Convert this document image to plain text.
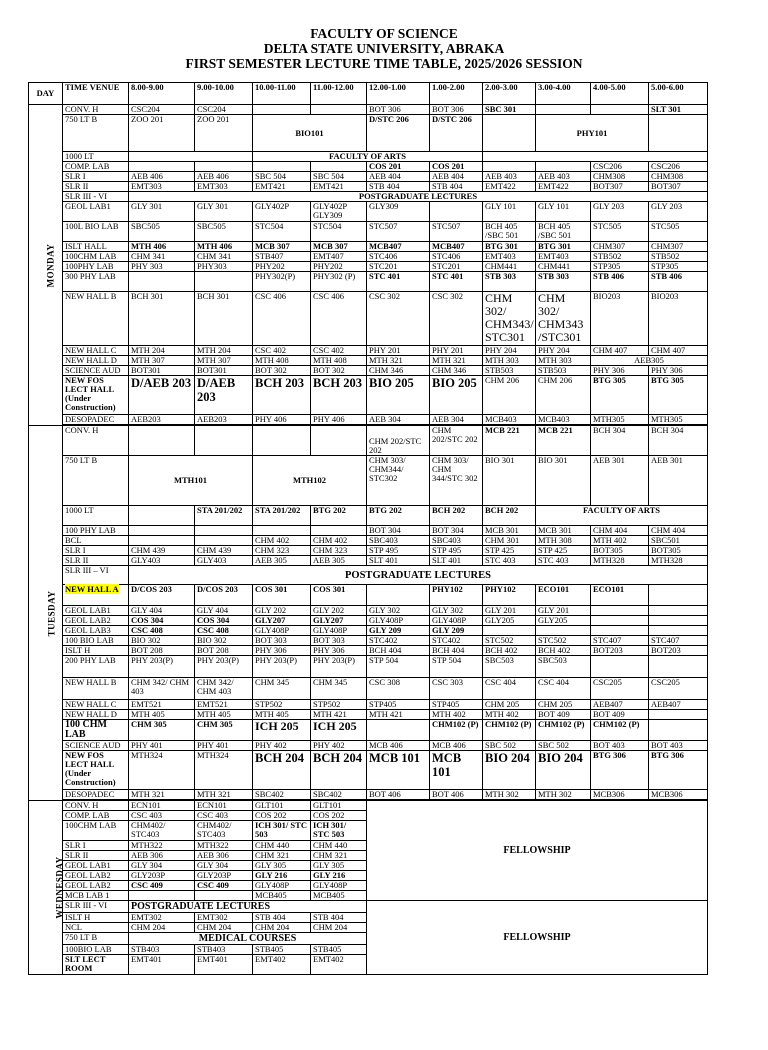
FACULTY OF SCIENCE
DELTA STATE UNIVERSITY, ABRAKA
FIRST SEMESTER LECTURE TIME TABLE, 2025/2026 SESSION
DAY	TIME VENUE	8.00-9.00	9.00-10.00	10.00-11.00	11.00-12.00	12.00-1.00	1.00-2.00	2.00-3.00	3.00-4.00	4.00-5.00	5.00-6.00
MONDAY	CONV. H	CSC204	CSC204			BOT 306	BOT 306	SBC 301			SLT 301
	750 LT B	ZOO 201	ZOO 201	BIO101		D/STC 206	D/STC 206		PHY101		
	1000 LT			FACULTY OF ARTS							
	COMP. LAB					COS 201	COS 201			CSC206	CSC206
	SLR I	AEB 406	AEB 406	SBC 504	SBC 504	AEB 404	AEB 404	AEB 403	AEB 403	CHM308	CHM308
	SLR II	EMT303	EMT303	EMT421	EMT421	STB 404	STB 404	EMT422	EMT422	BOT307	BOT307
	SLR III - VI	POSTGRADUATE LECTURES									
	GEOL LAB1	GLY 301	GLY 301	GLY402P	GLY402P GLY309	GLY309		GLY 101	GLY 101	GLY 203	GLY 203
	100L BIO LAB	SBC505	SBC505	STC504	STC504	STC507	STC507	BCH 405 /SBC 501	BCH 405 /SBC 501	STC505	STC505
	ISLT HALL	MTH 406	MTH 406	MCB 307	MCB 307	MCB407	MCB407	BTG 301	BTG 301	CHM307	CHM307
	100CHM LAB	CHM 341	CHM 341	STB407	EMT407	STC406	STC406	EMT403	EMT403	STB502	STB502
	100PHY LAB	PHY 303	PHY303	PHY202	PHY202	STC201	STC201	CHM441	CHM441	STP305	STP305
	300 PHY LAB			PHY302(P)	PHY302 (P)	STC 401	STC 401	STB 303	STB 303	STB 406	STB 406
	NEW HALL B	BCH 301	BCH 301	CSC 406	CSC 406	CSC 302	CSC 302	CHM 302/ CHM343/ STC301	CHM 302/ CHM343 /STC301	BIO203	BIO203
	NEW HALL C	MTH 204	MTH 204	CSC 402	CSC 402	PHY 201	PHY 201	PHY 204	PHY 204	CHM 407	CHM 407
	NEW HALL D	MTH 307	MTH 307	MTH 408	MTH 408	MTH 321	MTH 321	MTH 303	MTH 303	AEB305	
	SCIENCE AUD	BOT301	BOT301	BOT 302	BOT 302	CHM 346	CHM 346	STB503	STB503	PHY 306	PHY 306
	NEW FOS LECT HALL (Under Construction)	D/AEB 203	D/AEB 203	BCH 203	BCH 203	BIO 205	BIO 205	CHM 206	CHM 206	BTG 305	BTG 305
	DESOPADEC	AEB203	AEB203	PHY 406	PHY 406	AEB 304	AEB 304	MCB403	MCB403	MTH305	MTH305

TUESDAY	CONV. H					CHM 202/STC 202	CHM 202/STC 202	MCB 221	MCB 221	BCH 304	BCH 304
	750 LT B	MTH101		MTH102		CHM 303/ CHM344/ STC302	CHM 303/ CHM 344/STC 302	BIO 301	BIO 301	AEB 301	AEB 301
	1000 LT		STA 201/202	STA 201/202	BTG 202	BTG 202	BCH 202	BCH 202	FACULTY OF ARTS		
	100 PHY LAB					BOT 304	BOT 304	MCB 301	MCB 301	CHM 404	CHM 404
	BCL			CHM 402	CHM 402	SBC403	SBC403	CHM 301	MTH 308	MTH 402	SBC501
	SLR I	CHM 439	CHM 439	CHM 323	CHM 323	STP 495	STP 495	STP 425	STP 425	BOT305	BOT305
	SLR II	GLY403	GLY403	AEB 305	AEB 305	SLT 401	SLT 401	STC 403	STC 403	MTH328	MTH328
	SLR III – VI	POSTGRADUATE LECTURES									
	NEW HALL A	D/COS 203	D/COS 203	COS 301	COS 301		PHY102	PHY102	ECO101	ECO101	
	GEOL LAB1	GLY 404	GLY 404	GLY 202	GLY 202	GLY 302	GLY 302	GLY 201	GLY 201		
	GEOL LAB2	COS 304	COS 304	GLY207	GLY207	GLY408P	GLY408P	GLY205	GLY205		
	GEOL LAB3	CSC 408	CSC 408	GLY408P	GLY408P	GLY 209	GLY 209				
	100 BIO LAB	BIO 302	BIO 302	BOT 303	BOT 303	STC402	STC402	STC502	STC502	STC407	STC407
	ISLT H	BOT 208	BOT 208	PHY 306	PHY 306	BCH 404	BCH 404	BCH 402	BCH 402	BOT203	BOT203
	200 PHY LAB	PHY 203(P)	PHY 203(P)	PHY 203(P)	PHY 203(P)	STP 504	STP 504	SBC503	SBC503		
	NEW HALL B	CHM 342/ CHM 403	CHM 342/ CHM 403	CHM 345	CHM 345	CSC 308	CSC 303	CSC 404	CSC 404	CSC205	CSC205
	NEW HALL C	EMT521	EMT521	STP502	STP502	STP405	STP405	CHM 205	CHM 205	AEB407	AEB407
	NEW HALL D	MTH 405	MTH 405	MTH 405	MTH 421	MTH 421	MTH 402	MTH 402	BOT 409	BOT 409	
	100 CHM LAB	CHM 305	CHM 305	ICH 205	ICH 205		CHM102 (P)	CHM102 (P)	CHM102 (P)	CHM102 (P)	
	SCIENCE AUD	PHY 401	PHY 401	PHY 402	PHY 402	MCB 406	MCB 406	SBC 502	SBC 502	BOT 403	BOT 403
	NEW FOS LECT HALL (Under Construction)	MTH324	MTH324	BCH 204	BCH 204	MCB 101	MCB 101	BIO 204	BIO 204	BTG 306	BTG 306
	DESOPADEC	MTH 321	MTH 321	SBC402	SBC402	BOT 406	BOT 406	MTH 302	MTH 302	MCB306	MCB306

WEDNESDAY	CONV. H	ECN101	ECN101	GLT101	GLT101	FELLOWSHIP					
	COMP. LAB	CSC 403	CSC 403	COS 202	COS 202						
	100CHM LAB	CHM402/ STC403	CHM402/ STC403	ICH 301/ STC 503	ICH 301/ STC 503						
	SLR I	MTH322	MTH322	CHM 440	CHM 440						
	SLR II	AEB 306	AEB 306	CHM 321	CHM 321						
	GEOL LAB1	GLY 304	GLY 304	GLY 305	GLY 305						
	GEOL LAB2	GLY203P	GLY203P	GLY 216	GLY 216						
	GEOL LAB2	CSC 409	CSC 409	GLY408P	GLY408P						
	MCB LAB 1			MCB405	MCB405						
	SLR III - VI	POSTGRADUATE LECTURES				FELLOWSHIP					
	ISLT H	EMT302	EMT302	STB 404	STB 404						
	NCL	CHM 204	CHM 204	CHM 204	CHM 204						
	750 LT B	MEDICAL COURSES									
	100BIO LAB	STB403	STB403	STB405	STB405						
	SLT LECT ROOM	EMT401	EMT401	EMT402	EMT402						
